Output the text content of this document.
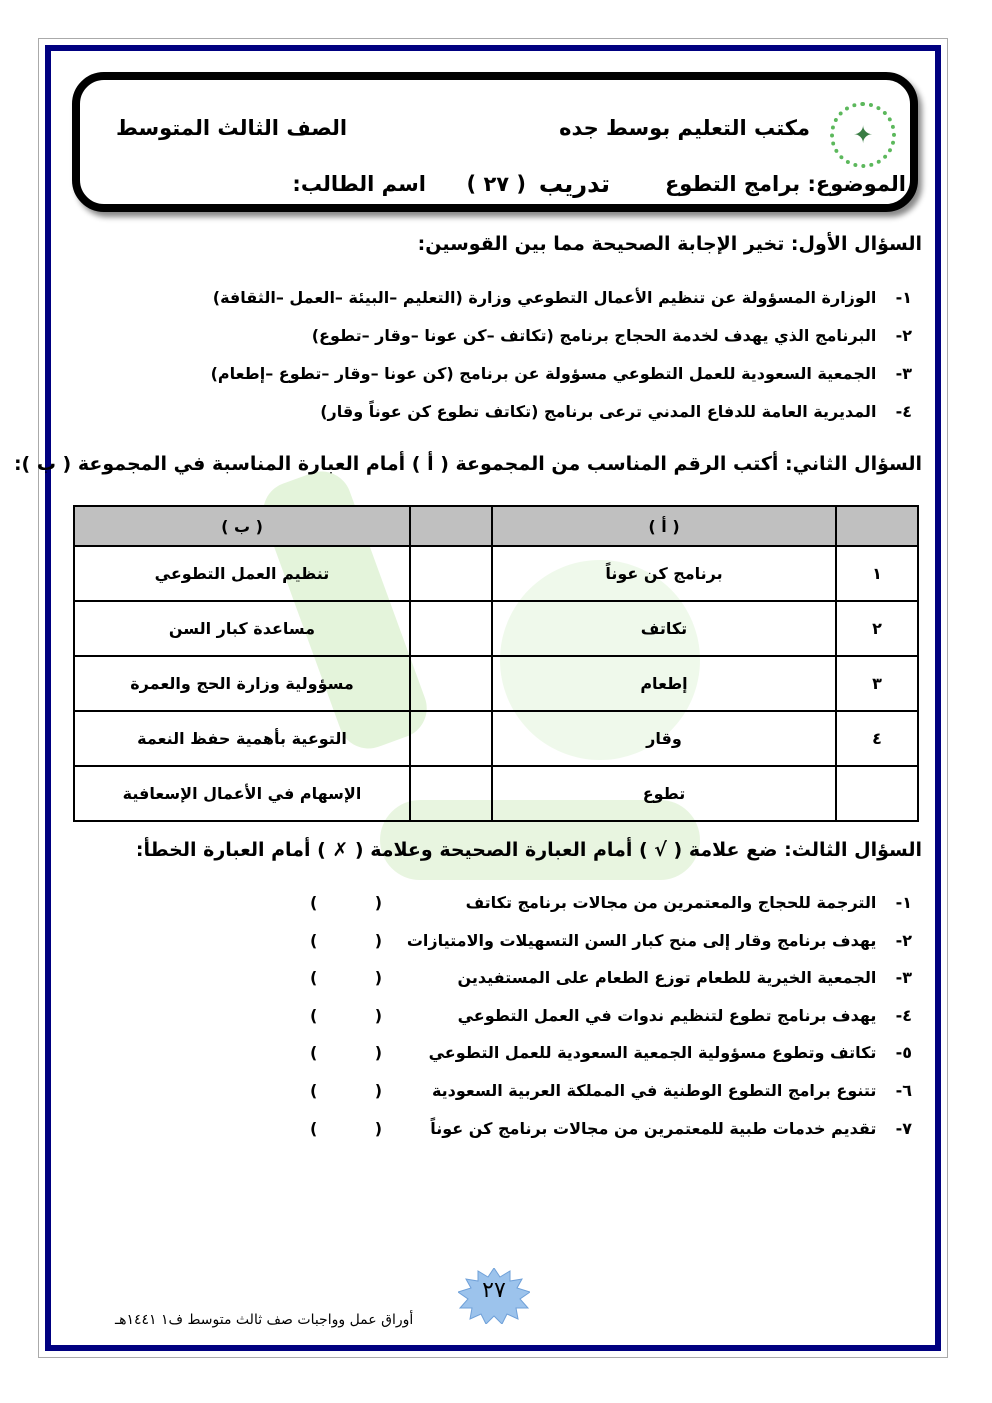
مكتب التعليم بوسط جده	✦
الصف الثالث المتوسط
الموضوع: برامج التطوع
تدريب
( ٢٧ )
اسم الطالب:
السؤال الأول: تخير الإجابة الصحيحة مما بين القوسين:
١- الوزارة المسؤولة عن تنظيم الأعمال التطوعي وزارة (التعليم –البيئة –العمل –الثقافة)
٢- البرنامج الذي يهدف لخدمة الحجاج برنامج (تكاتف –كن عونا –وقار –تطوع)
٣- الجمعية السعودية للعمل التطوعي مسؤولة عن برنامج (كن عونا –وقار –تطوع –إطعام)
٤- المديرية العامة للدفاع المدني ترعى برنامج (تكاتف تطوع كن عوناً وقار)
السؤال الثاني: أكتب الرقم المناسب من المجموعة ( أ ) أمام العبارة المناسبة في المجموعة ( ب ):
	( أ )		( ب )
١	برنامج كن عوناً		تنظيم العمل التطوعي
٢	تكاتف		مساعدة كبار السن
٣	إطعام		مسؤولية وزارة الحج والعمرة
٤	وقار		التوعية بأهمية حفظ النعمة
	تطوع		الإسهام في الأعمال الإسعافية
السؤال الثالث: ضع علامة ( √ ) أمام العبارة الصحيحة وعلامة ( ✗ ) أمام العبارة الخطأ:
١- الترجمة للحجاج والمعتمرين من مجالات برنامج تكاتف
(	)
٢- يهدف برنامج وقار إلى منح كبار السن التسهيلات والامتيازات
(	)
٣- الجمعية الخيرية للطعام توزع الطعام على المستفيدين
(	)
٤- يهدف برنامج تطوع لتنظيم ندوات في العمل التطوعي
(	)
٥- تكاتف وتطوع مسؤولية الجمعية السعودية للعمل التطوعي
(	)
٦- تتنوع برامج التطوع الوطنية في المملكة العربية السعودية
(	)
٧- تقديم خدمات طبية للمعتمرين من مجالات برنامج كن عوناً
(	)
٢٧
أوراق عمل وواجبات صف ثالث متوسط ف١ ١٤٤١هـ
